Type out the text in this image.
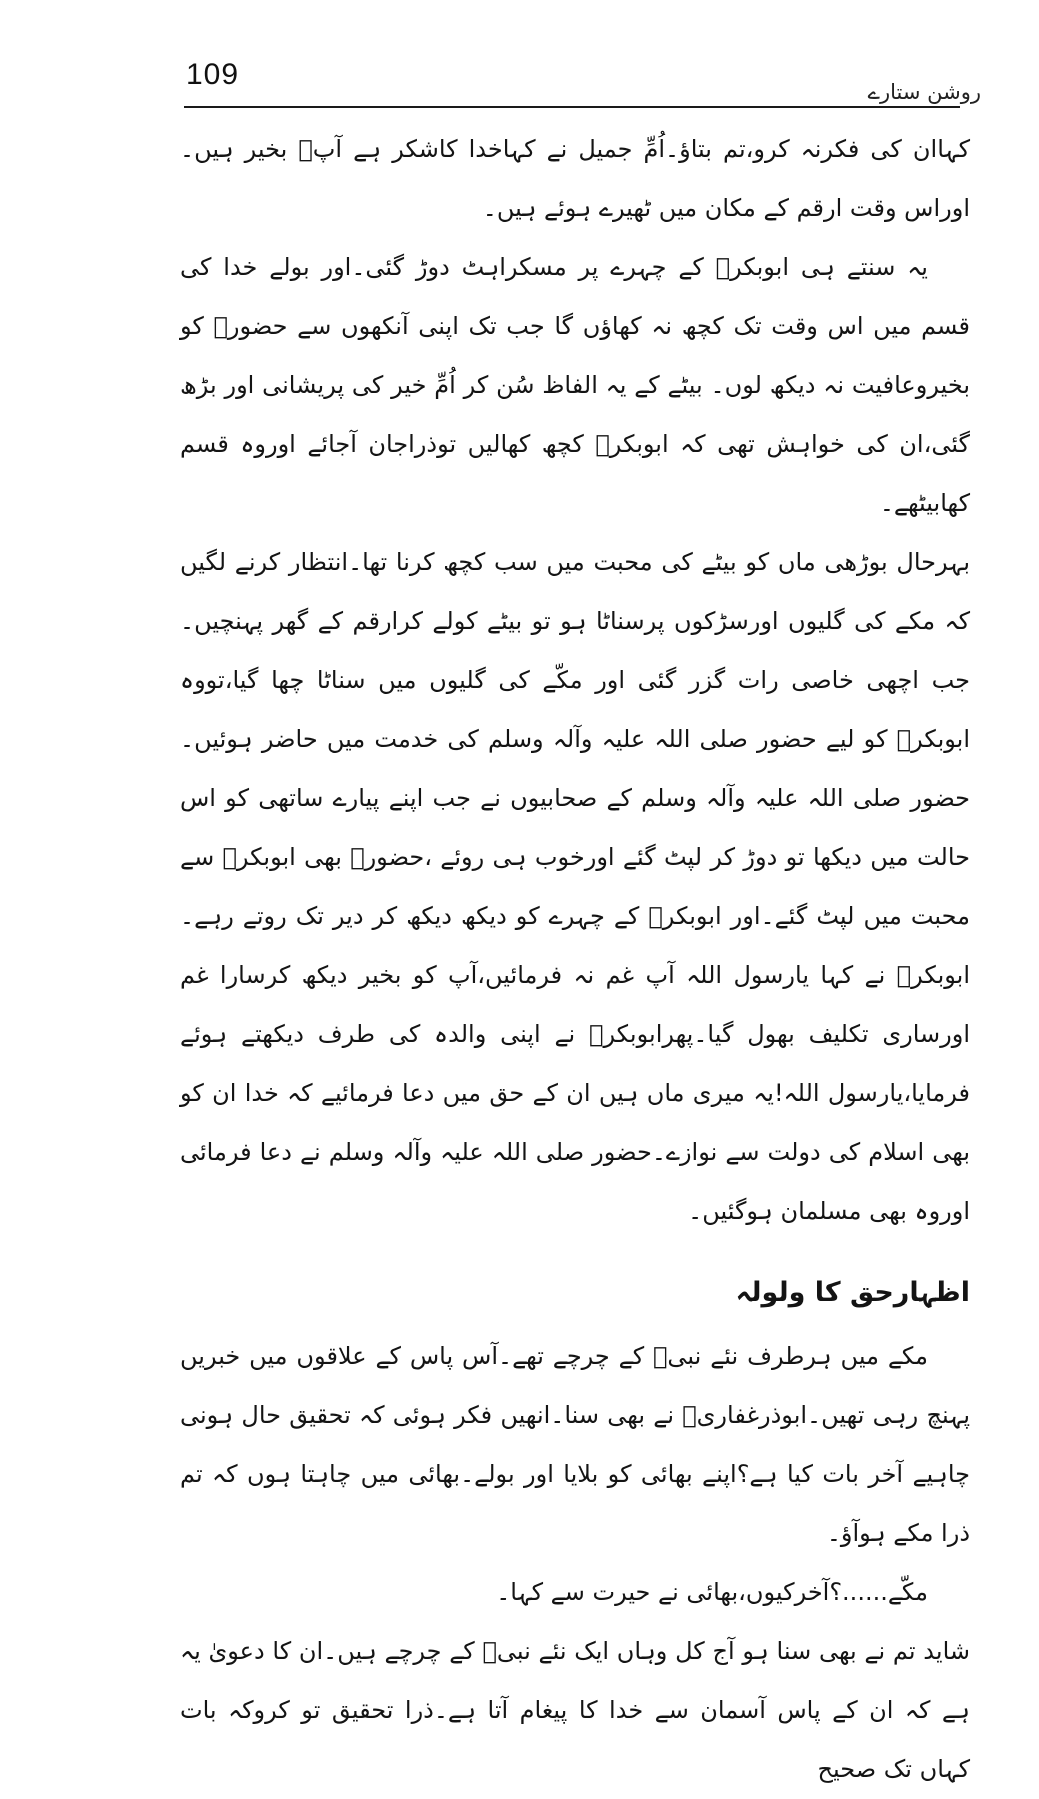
109
روشن ستارے

کہاان کی فکرنہ کرو،تم بتاؤ۔اُمِّ جمیل نے کہاخدا کاشکر ہے آپؐ بخیر ہیں۔اوراس وقت ارقم کے مکان میں ٹھیرے ہوئے ہیں۔

یہ سنتے ہی ابوبکرؓ کے چہرے پر مسکراہٹ دوڑ گئی۔اور بولے خدا کی قسم میں اس وقت تک کچھ نہ کھاؤں گا جب تک اپنی آنکھوں سے حضورؐ کو بخیروعافیت نہ دیکھ لوں۔ بیٹے کے یہ الفاظ سُن کر اُمِّ خیر کی پریشانی اور بڑھ گئی،ان کی خواہش تھی کہ ابوبکرؓ کچھ کھالیں توذراجان آجائے اوروہ قسم کھابیٹھے۔

بہرحال بوڑھی ماں کو بیٹے کی محبت میں سب کچھ کرنا تھا۔انتظار کرنے لگیں کہ مکے کی گلیوں اورسڑکوں پرسناٹا ہو تو بیٹے کولے کرارقم کے گھر پہنچیں۔جب اچھی خاصی رات گزر گئی اور مکّے کی گلیوں میں سناٹا چھا گیا،تووہ ابوبکرؓ کو لیے حضور صلی اللہ علیہ وآلہ وسلم کی خدمت میں حاضر ہوئیں۔حضور صلی اللہ علیہ وآلہ وسلم کے صحابیوں نے جب اپنے پیارے ساتھی کو اس حالت میں دیکھا تو دوڑ کر لپٹ گئے اورخوب ہی روئے ،حضورؐ بھی ابوبکرؓ سے محبت میں لپٹ گئے۔اور ابوبکرؓ کے چہرے کو دیکھ دیکھ کر دیر تک روتے رہے۔ابوبکرؓ نے کہا یارسول اللہ آپ غم نہ فرمائیں،آپ کو بخیر دیکھ کرسارا غم اورساری تکلیف بھول گیا۔پھرابوبکرؓ نے اپنی والدہ کی طرف دیکھتے ہوئے فرمایا،یارسول اللہ!یہ میری ماں ہیں ان کے حق میں دعا فرمائیے کہ خدا ان کو بھی اسلام کی دولت سے نوازے۔حضور صلی اللہ علیہ وآلہ وسلم نے دعا فرمائی اوروہ بھی مسلمان ہوگئیں۔

اظہارحق کا ولولہ

مکے میں ہرطرف نئے نبیؐ کے چرچے تھے۔آس پاس کے علاقوں میں خبریں پہنچ رہی تھیں۔ابوذرغفاریؓ نے بھی سنا۔انھیں فکر ہوئی کہ تحقیق حال ہونی چاہیے آخر بات کیا ہے؟اپنے بھائی کو بلایا اور بولے۔بھائی میں چاہتا ہوں کہ تم ذرا مکے ہوآؤ۔

مکّے......؟آخرکیوں،بھائی نے حیرت سے کہا۔

شاید تم نے بھی سنا ہو آج کل وہاں ایک نئے نبیؐ کے چرچے ہیں۔ان کا دعویٰ یہ ہے کہ ان کے پاس آسمان سے خدا کا پیغام آتا ہے۔ذرا تحقیق تو کروکہ بات کہاں تک صحیح
